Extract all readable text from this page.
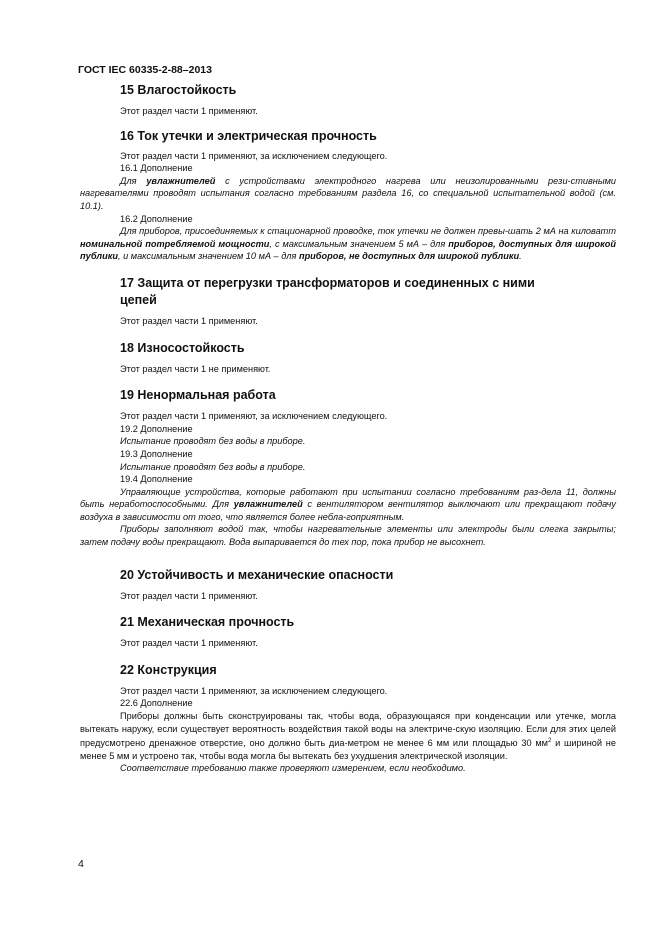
ГОСТ IEC 60335-2-88–2013
15 Влагостойкость

Этот раздел части 1 применяют.

16 Ток утечки и электрическая прочность

Этот раздел части 1 применяют, за исключением следующего.

16.1 Дополнение

Для увлажнителей с устройствами электродного нагрева или неизолированными рези-стивными нагревателями проводят испытания согласно требованиям раздела 16, со специальной испытательной водой (см. 10.1).

16.2 Дополнение

Для приборов, присоединяемых к стационарной проводке, ток утечки не должен превы-шать 2 мА на киловатт номинальной потребляемой мощности, с максимальным значением 5 мА – для приборов, доступных для широкой публики, и максимальным значением 10 мА – для приборов, не доступных для широкой публики.

17 Защита от перегрузки трансформаторов и соединенных с ними
цепей

Этот раздел части 1 применяют.

18 Износостойкость

Этот раздел части 1 не применяют.

19 Ненормальная работа

Этот раздел части 1 применяют, за исключением следующего.

19.2 Дополнение

Испытание проводят без воды в приборе.

19.3 Дополнение

Испытание проводят без воды в приборе.

19.4 Дополнение

Управляющие устройства, которые работают при испытании согласно требованиям раз-дела 11, должны быть неработоспособными. Для увлажнителей с вентилятором вентилятор выключают или прекращают подачу воздуха в зависимости от того, что является более небла-гоприятным.

Приборы заполняют водой так, чтобы нагревательные элементы или электроды были слегка закрыты; затем подачу воды прекращают. Вода выпаривается до тех пор, пока прибор не высохнет.

20 Устойчивость и механические опасности

Этот раздел части 1 применяют.

21 Механическая прочность

Этот раздел части 1 применяют.

22 Конструкция

Этот раздел части 1 применяют, за исключением следующего.

22.6 Дополнение

Приборы должны быть сконструированы так, чтобы вода, образующаяся при конденсации или утечке, могла вытекать наружу, если существует вероятность воздействия такой воды на электриче-скую изоляцию. Если для этих целей предусмотрено дренажное отверстие, оно должно быть диа-метром не менее 6 мм или площадью 30 $мм^2$ и шириной не менее 5 мм и устроено так, чтобы вода могла бы вытекать без ухудшения электрической изоляции.

Соответствие требованию также проверяют измерением, если необходимо.

4
